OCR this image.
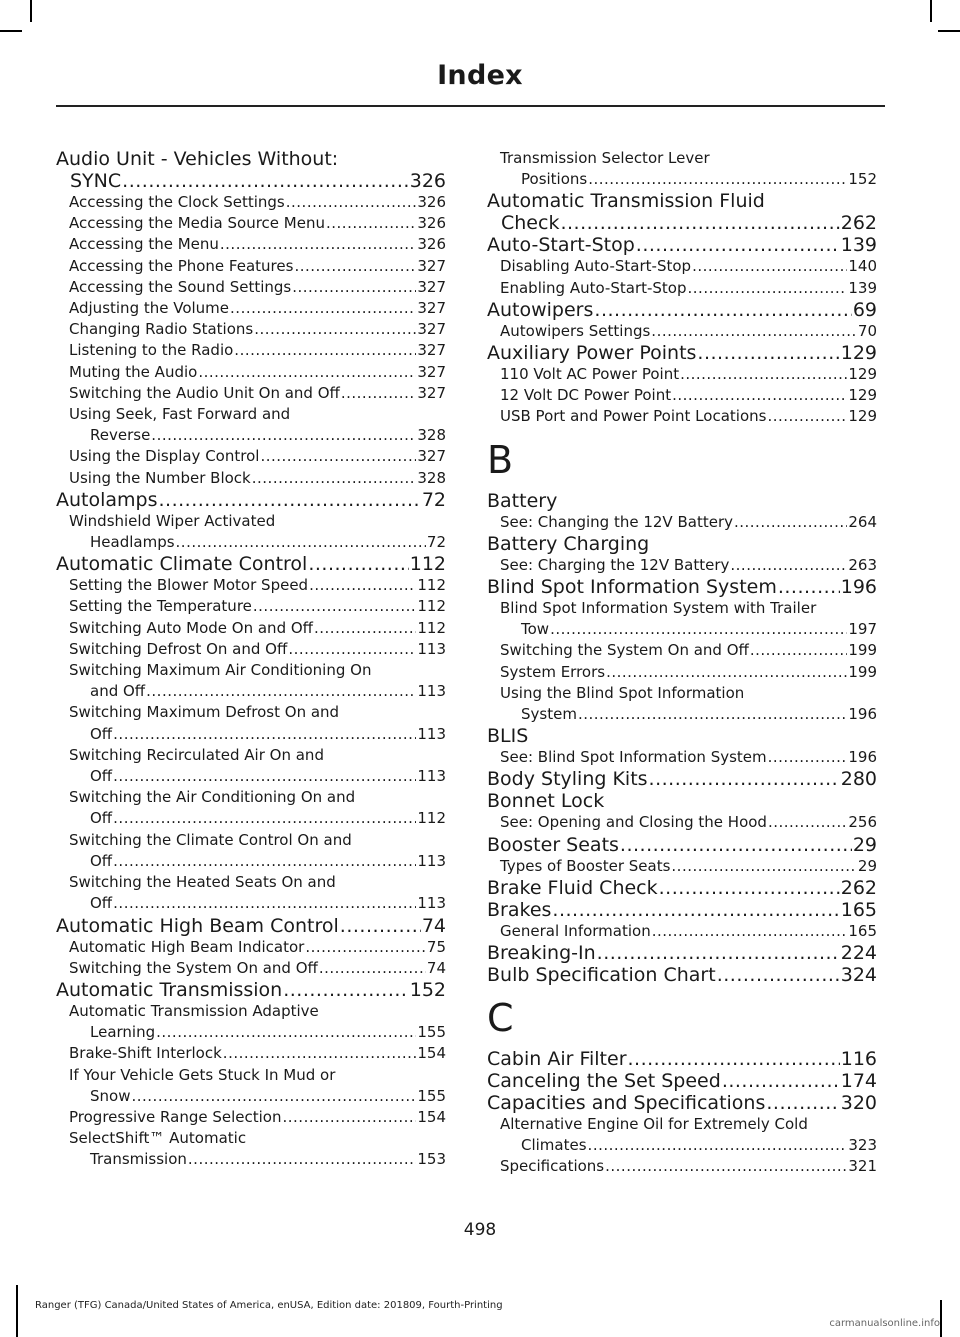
Index
Audio Unit - Vehicles Without:
SYNC .....	326
Accessing the Clock Settings .....	326
Accessing the Media Source Menu .....	326
Accessing the Menu .....	326
Accessing the Phone Features .....	327
Accessing the Sound Settings .....	327
Adjusting the Volume .....	327
Changing Radio Stations .....	327
Listening to the Radio .....	327
Muting the Audio .....	327
Switching the Audio Unit On and Off .....	327
Using Seek, Fast Forward and
Reverse .....	328
Using the Display Control .....	327
Using the Number Block .....	328
Autolamps .....	72
Windshield Wiper Activated
Headlamps .....	72
Automatic Climate Control .....	112
Setting the Blower Motor Speed .....	112
Setting the Temperature .....	112
Switching Auto Mode On and Off .....	112
Switching Defrost On and Off .....	113
Switching Maximum Air Conditioning On
and Off .....	113
Switching Maximum Defrost On and
Off .....	113
Switching Recirculated Air On and
Off .....	113
Switching the Air Conditioning On and
Off .....	112
Switching the Climate Control On and
Off .....	113
Switching the Heated Seats On and
Off .....	113
Automatic High Beam Control .....	74
Automatic High Beam Indicator .....	75
Switching the System On and Off .....	74
Automatic Transmission .....	152
Automatic Transmission Adaptive
Learning .....	155
Brake-Shift Interlock .....	154
If Your Vehicle Gets Stuck In Mud or
Snow .....	155
Progressive Range Selection .....	154
SelectShift™ Automatic
Transmission .....	153
Transmission Selector Lever
Positions .....	152
Automatic Transmission Fluid
Check .....	262
Auto-Start-Stop .....	139
Disabling Auto-Start-Stop .....	140
Enabling Auto-Start-Stop .....	139
Autowipers .....	69
Autowipers Settings .....	70
Auxiliary Power Points .....	129
110 Volt AC Power Point .....	129
12 Volt DC Power Point .....	129
USB Port and Power Point Locations .....	129
B
Battery
See: Changing the 12V Battery .....	264
Battery Charging
See: Charging the 12V Battery .....	263
Blind Spot Information System .....	196
Blind Spot Information System with Trailer
Tow .....	197
Switching the System On and Off .....	199
System Errors .....	199
Using the Blind Spot Information
System .....	196
BLIS
See: Blind Spot Information System .....	196
Body Styling Kits .....	280
Bonnet Lock
See: Opening and Closing the Hood .....	256
Booster Seats .....	29
Types of Booster Seats .....	29
Brake Fluid Check .....	262
Brakes .....	165
General Information .....	165
Breaking-In .....	224
Bulb Specification Chart .....	324
C
Cabin Air Filter .....	116
Canceling the Set Speed .....	174
Capacities and Specifications .....	320
Alternative Engine Oil for Extremely Cold
Climates .....	323
Specifications .....	321
498
Ranger (TFG) Canada/United States of America, enUSA, Edition date: 201809, Fourth-Printing
carmanualsonline.info
